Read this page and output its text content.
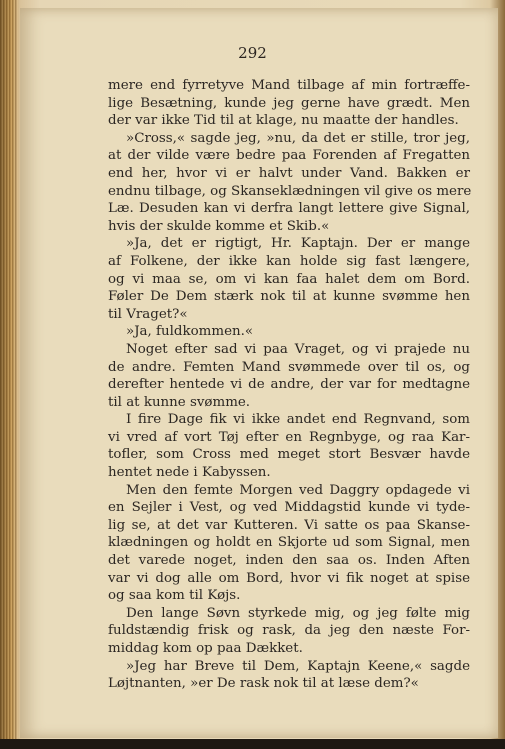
292

mere end fyrretyve Mand tilbage af min fortræffe-
lige Besætning, kunde jeg gerne have grædt. Men
der var ikke Tid til at klage, nu maatte der handles.
»Cross,« sagde jeg, »nu, da det er stille, tror jeg,
at der vilde være bedre paa Forenden af Fregatten
end her, hvor vi er halvt under Vand. Bakken er
endnu tilbage, og Skanseklædningen vil give os mere
Læ. Desuden kan vi derfra langt lettere give Signal,
hvis der skulde komme et Skib.«
»Ja, det er rigtigt, Hr. Kaptajn. Der er mange
af Folkene, der ikke kan holde sig fast længere,
og vi maa se, om vi kan faa halet dem om Bord.
Føler De Dem stærk nok til at kunne svømme hen
til Vraget?«
»Ja, fuldkommen.«
Noget efter sad vi paa Vraget, og vi prajede nu
de andre. Femten Mand svømmede over til os, og
derefter hentede vi de andre, der var for medtagne
til at kunne svømme.
I fire Dage fik vi ikke andet end Regnvand, som
vi vred af vort Tøj efter en Regnbyge, og raa Kar-
tofler, som Cross med meget stort Besvær havde
hentet nede i Kabyssen.
Men den femte Morgen ved Daggry opdagede vi
en Sejler i Vest, og ved Middagstid kunde vi tyde-
lig se, at det var Kutteren. Vi satte os paa Skanse-
klædningen og holdt en Skjorte ud som Signal, men
det varede noget, inden den saa os. Inden Aften
var vi dog alle om Bord, hvor vi fik noget at spise
og saa kom til Køjs.
Den lange Søvn styrkede mig, og jeg følte mig
fuldstændig frisk og rask, da jeg den næste For-
middag kom op paa Dækket.
»Jeg har Breve til Dem, Kaptajn Keene,« sagde
Løjtnanten, »er De rask nok til at læse dem?«
